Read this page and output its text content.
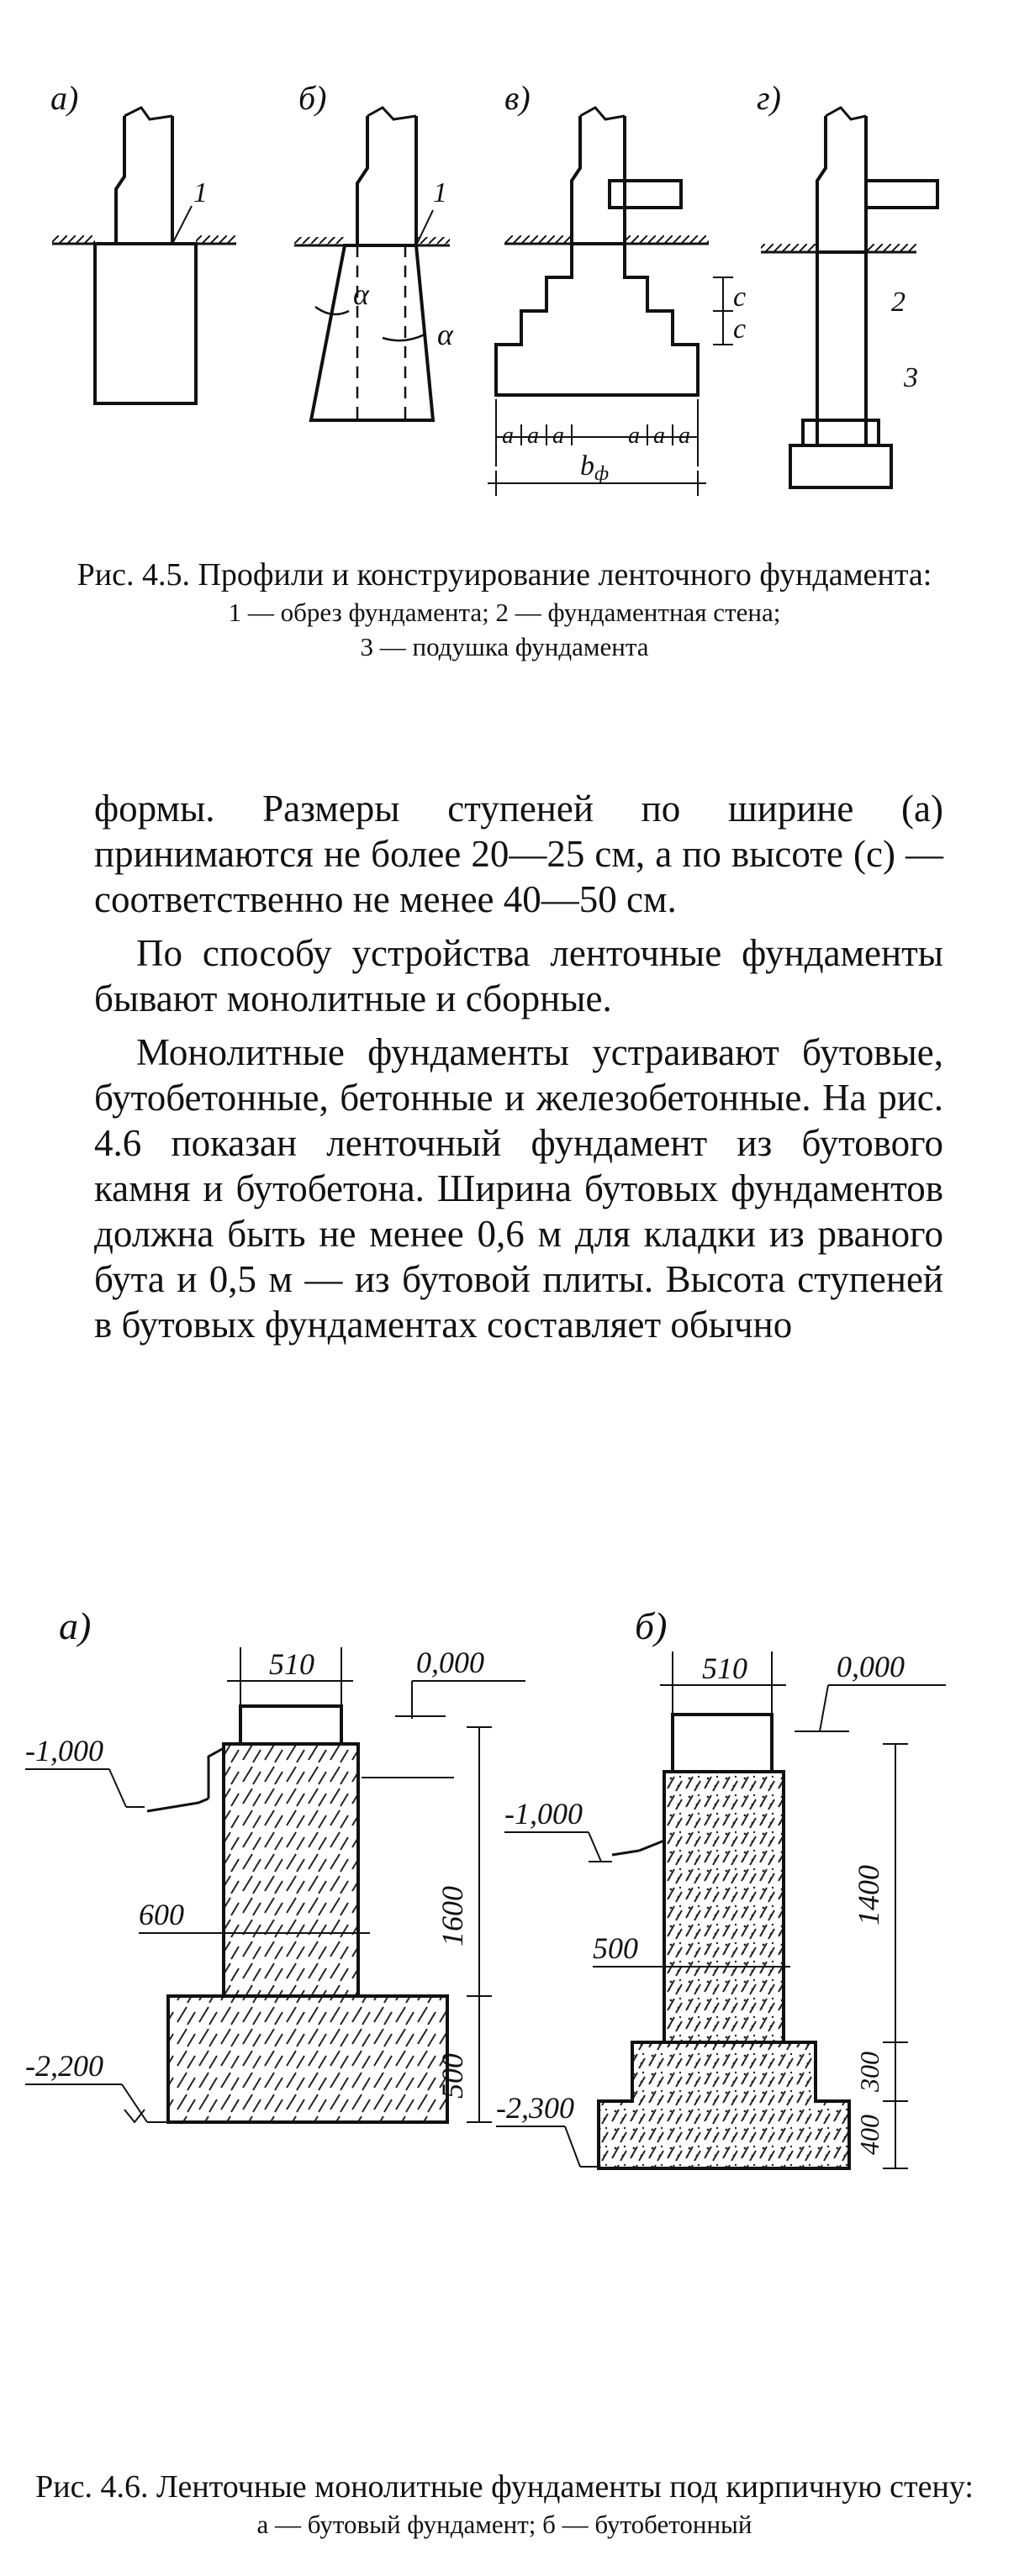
а)	б)	в)	г)
1	1
2
3
α
α
c
c
a a a	a a a
bф
Рис. 4.5. Профили и конструирование ленточного фундамента:
1 — обрез фундамента; 2 — фундаментная стена;
3 — подушка фундамента

формы. Размеры ступеней по ширине (а) принимаются не более 20—25 см, а по высоте (с) — соответственно не менее 40—50 см.

По способу устройства ленточные фундаменты бывают монолитные и сборные.

Монолитные фундаменты устраивают бутовые, бутобетонные, бетонные и железобетонные. На рис. 4.6 показан ленточный фундамент из бутового камня и бутобетона. Ширина бутовых фундаментов должна быть не менее 0,6 м для кладки из рваного бута и 0,5 м — из бутовой плиты. Высота ступеней в бутовых фундаментах составляет обычно

а)
510	0,000
-1,000
600	1600
500
-2,200
б)
510	0,000
-1,000
500
1400
300
400
-2,300
Рис. 4.6. Ленточные монолитные фундаменты под кирпичную стену:
а — бутовый фундамент; б — бутобетонный
